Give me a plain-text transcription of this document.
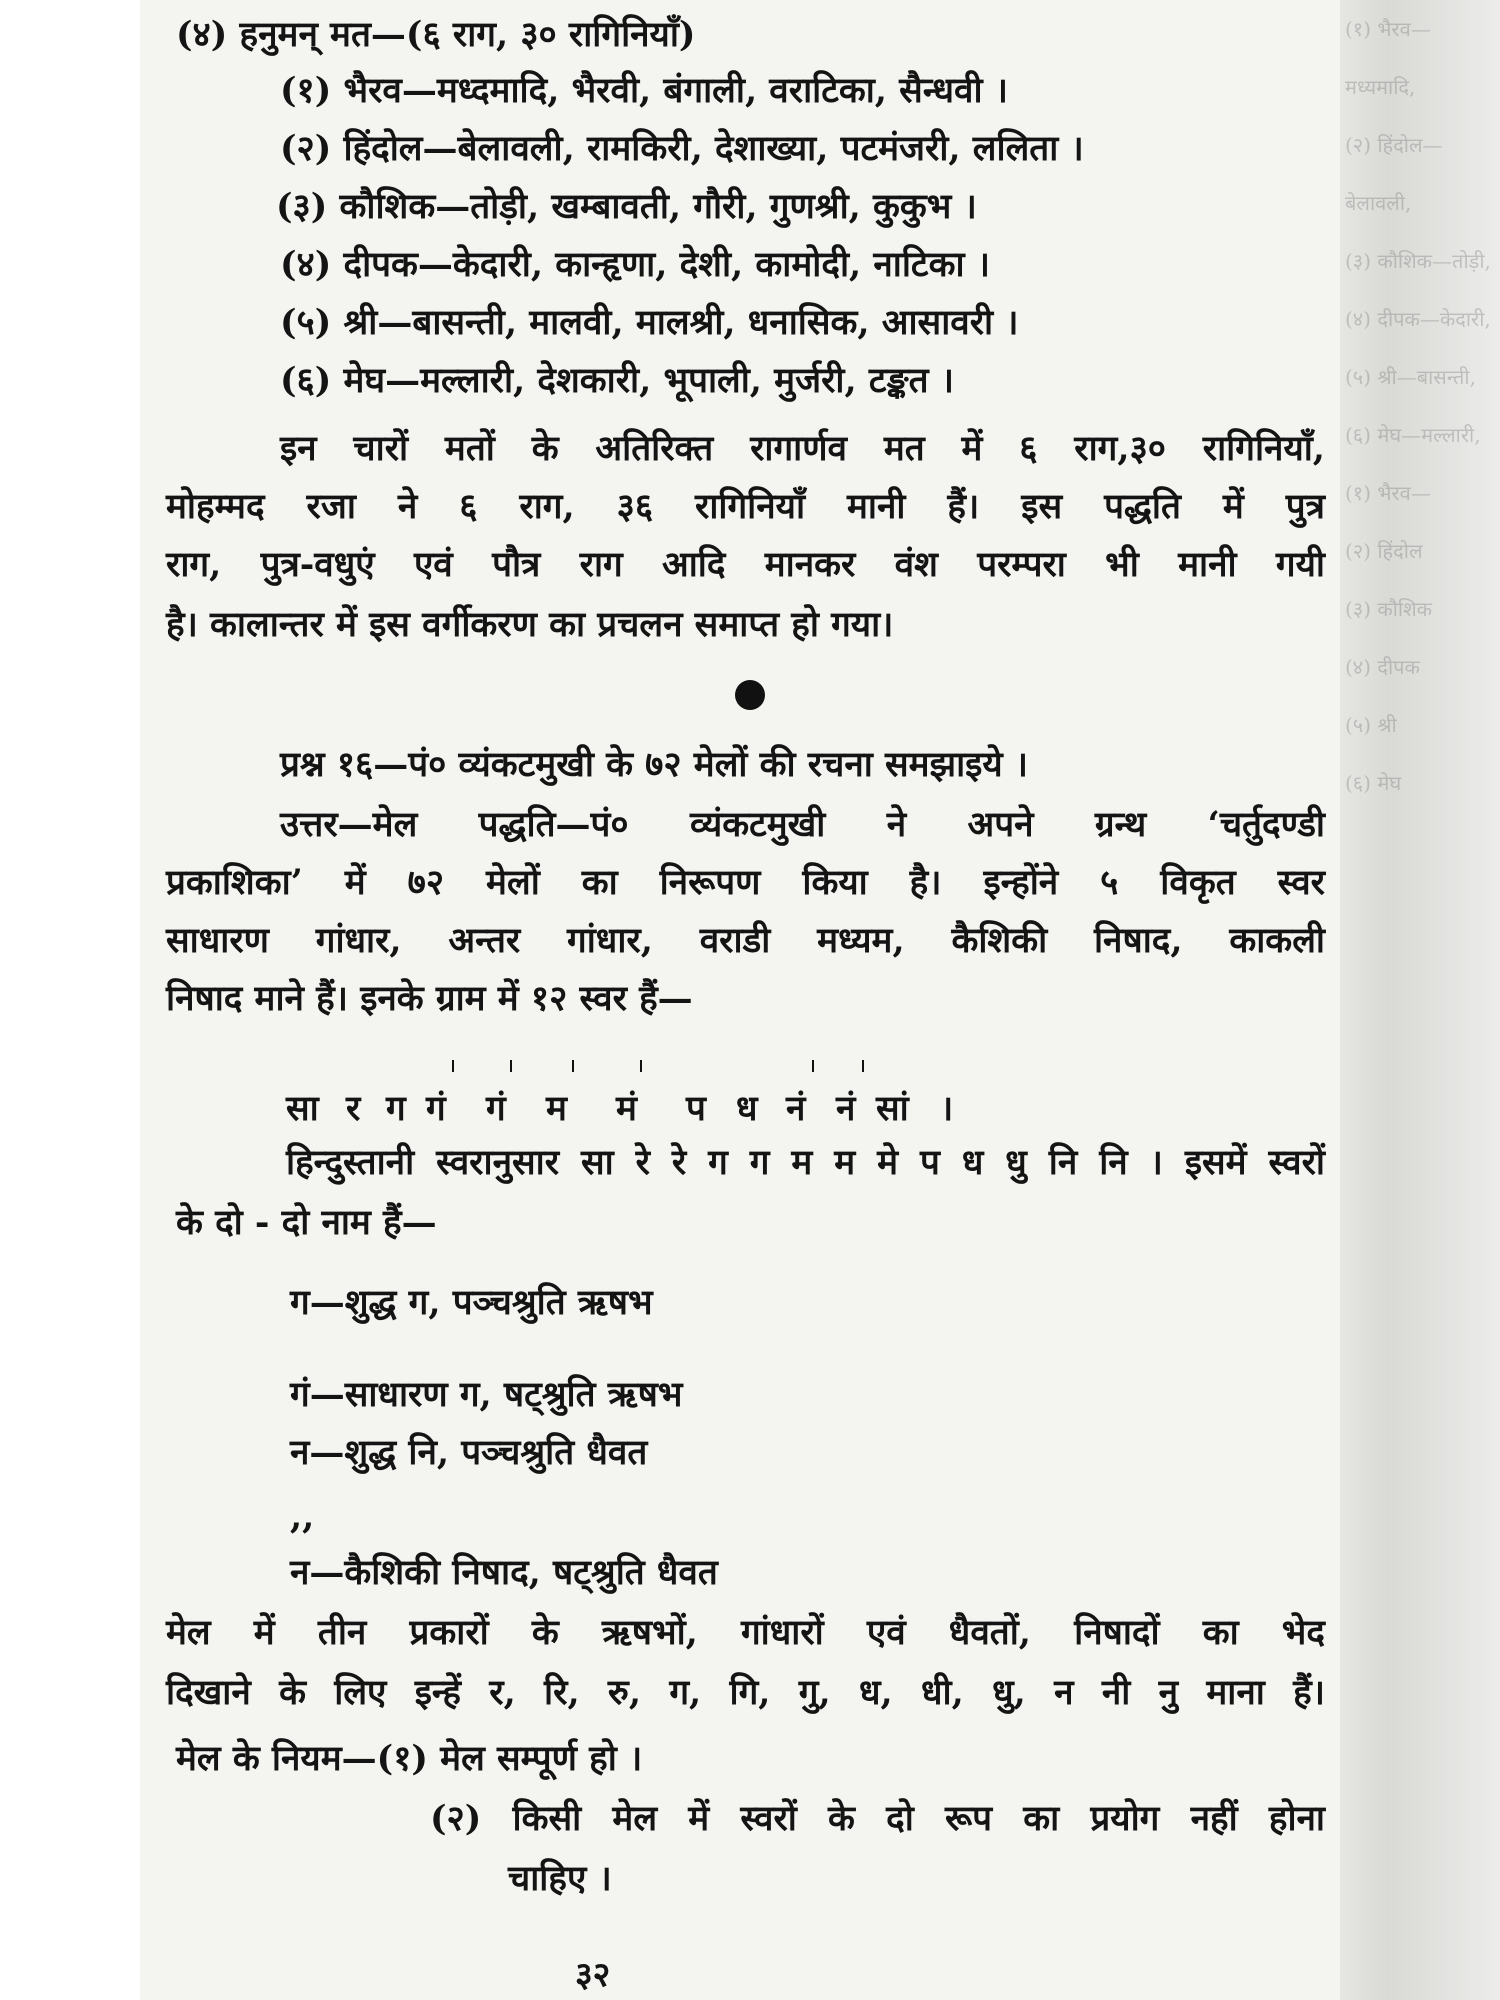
(१) भैरव—मध्यमादि,
(२) हिंदोल—बेलावली,
(३) कौशिक—तोड़ी,
(४) दीपक—केदारी,
(५) श्री—बासन्ती,
(६) मेघ—मल्लारी,
(१) भैरव—
(२) हिंदोल
(३) कौशिक
(४) दीपक
(५) श्री
(६) मेघ
(४) हनुमन् मत—(६ राग, ३० रागिनियाँ)
(१) भैरव—मध्दमादि, भैरवी, बंगाली, वराटिका, सैन्धवी ।
(२) हिंदोल—बेलावली, रामकिरी, देशाख्या, पटमंजरी, ललिता ।
(३) कौशिक—तोड़ी, खम्बावती, गौरी, गुणश्री, कुकुभ ।
(४) दीपक—केदारी, कान्हृणा, देशी, कामोदी, नाटिका ।
(५) श्री—बासन्ती, मालवी, मालश्री, धनासिक, आसावरी ।
(६) मेघ—मल्लारी, देशकारी, भूपाली, मुर्जरी, टङ्कत ।
इन चारों मतों के अतिरिक्त रागार्णव मत में ६ राग,३० रागिनियाँ,
मोहम्मद रजा ने ६ राग, ३६ रागिनियाँ मानी हैं। इस पद्धति में पुत्र
राग, पुत्र-वधुएं एवं पौत्र राग आदि मानकर वंश परम्परा भी मानी गयी
है। कालान्तर में इस वर्गीकरण का प्रचलन समाप्त हो गया।
प्रश्न १६—पं० व्यंकटमुखी के ७२ मेलों की रचना समझाइये ।
उत्तर—मेल पद्धति—पं० व्यंकटमुखी ने अपने ग्रन्थ ‘चर्तुदण्डी
प्रकाशिका’ में ७२ मेलों का निरूपण किया है। इन्होंने ५ विकृत स्वर
साधारण गांधार, अन्तर गांधार, वराडी मध्यम, कैशिकी निषाद, काकली
निषाद माने हैं। इनके ग्राम में १२ स्वर हैं—
सा र ग गं गं म मं प ध नं नं सां ।
हिन्दुस्तानी स्वरानुसार सा रे रे ग ग म म मे प ध धु नि नि । इसमें स्वरों
के दो - दो नाम हैं—
ग—शुद्ध ग, पञ्चश्रुति ऋषभ
गं—साधारण ग, षट्श्रुति ऋषभ
न—शुद्ध नि, पञ्चश्रुति धैवत
,,
न—कैशिकी निषाद, षट्श्रुति धैवत
मेल में तीन प्रकारों के ऋषभों, गांधारों एवं धैवतों, निषादों का भेद
दिखाने के लिए इन्हें र, रि, रु, ग, गि, गु, ध, धी, धु, न नी नु माना हैं।
मेल के नियम—(१) मेल सम्पूर्ण हो ।
(२) किसी मेल में स्वरों के दो रूप का प्रयोग नहीं होना
चाहिए ।
३२
